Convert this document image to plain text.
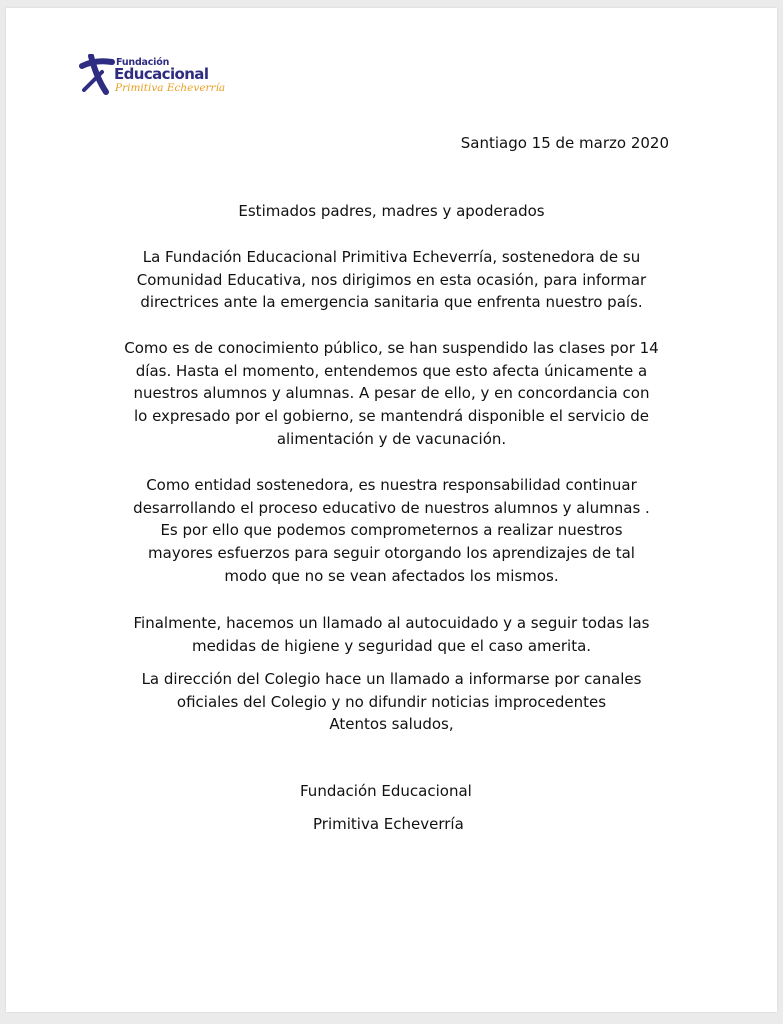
Fundación
Educacional
Primitiva Echeverría
Santiago 15 de marzo 2020
Estimados padres, madres y apoderados
La Fundación Educacional Primitiva Echeverría, sostenedora de su
Comunidad Educativa, nos dirigimos en esta ocasión, para informar
directrices ante la emergencia sanitaria que enfrenta nuestro país.
Como es de conocimiento público, se han suspendido las clases por 14
días. Hasta el momento, entendemos que esto afecta únicamente a
nuestros alumnos y alumnas. A pesar de ello, y en concordancia con
lo expresado por el gobierno, se mantendrá disponible el servicio de
alimentación y de vacunación.
Como entidad sostenedora, es nuestra responsabilidad continuar
desarrollando el proceso educativo de nuestros alumnos y alumnas .
Es por ello que podemos comprometernos a realizar nuestros
mayores esfuerzos para seguir otorgando los aprendizajes de tal
modo que no se vean afectados los mismos.
Finalmente, hacemos un llamado al autocuidado y a seguir todas las
medidas de higiene y seguridad que el caso amerita.
La dirección del Colegio hace un llamado a informarse por canales
oficiales del Colegio y no difundir noticias improcedentes
Atentos saludos,
Fundación Educacional
Primitiva Echeverría
